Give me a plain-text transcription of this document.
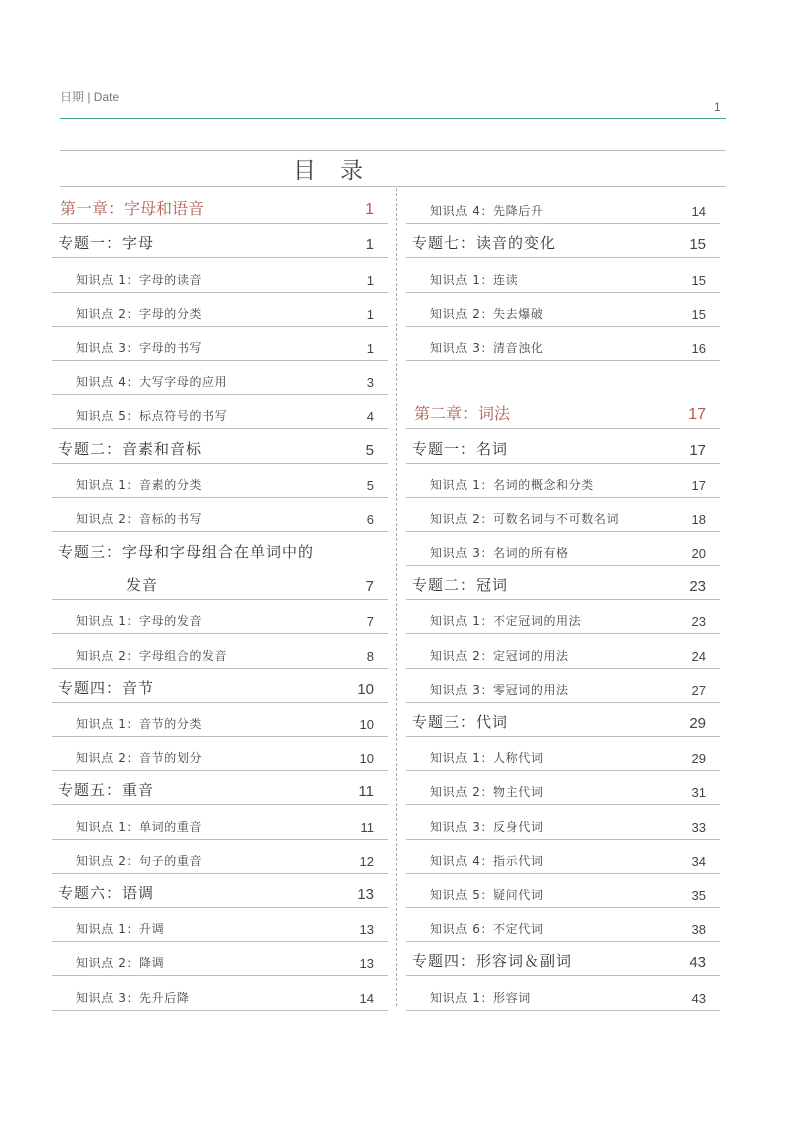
日期 | Date
1
目录
第一章：字母和语音	1
专题一：字母	1
知识点 1：字母的读音	1
知识点 2：字母的分类	1
知识点 3：字母的书写	1
知识点 4：大写字母的应用	3
知识点 5：标点符号的书写	4
专题二：音素和音标	5
知识点 1：音素的分类	5
知识点 2：音标的书写	6
专题三：字母和字母组合在单词中的
发音	7
知识点 1：字母的发音	7
知识点 2：字母组合的发音	8
专题四：音节	10
知识点 1：音节的分类	10
知识点 2：音节的划分	10
专题五：重音	11
知识点 1：单词的重音	11
知识点 2：句子的重音	12
专题六：语调	13
知识点 1：升调	13
知识点 2：降调	13
知识点 3：先升后降	14
知识点 4：先降后升	14
专题七：读音的变化	15
知识点 1：连读	15
知识点 2：失去爆破	15
知识点 3：清音浊化	16
第二章：词法	17
专题一：名词	17
知识点 1：名词的概念和分类	17
知识点 2：可数名词与不可数名词	18
知识点 3：名词的所有格	20
专题二：冠词	23
知识点 1：不定冠词的用法	23
知识点 2：定冠词的用法	24
知识点 3：零冠词的用法	27
专题三：代词	29
知识点 1：人称代词	29
知识点 2：物主代词	31
知识点 3：反身代词	33
知识点 4：指示代词	34
知识点 5：疑问代词	35
知识点 6：不定代词	38
专题四：形容词＆副词	43
知识点 1：形容词	43
